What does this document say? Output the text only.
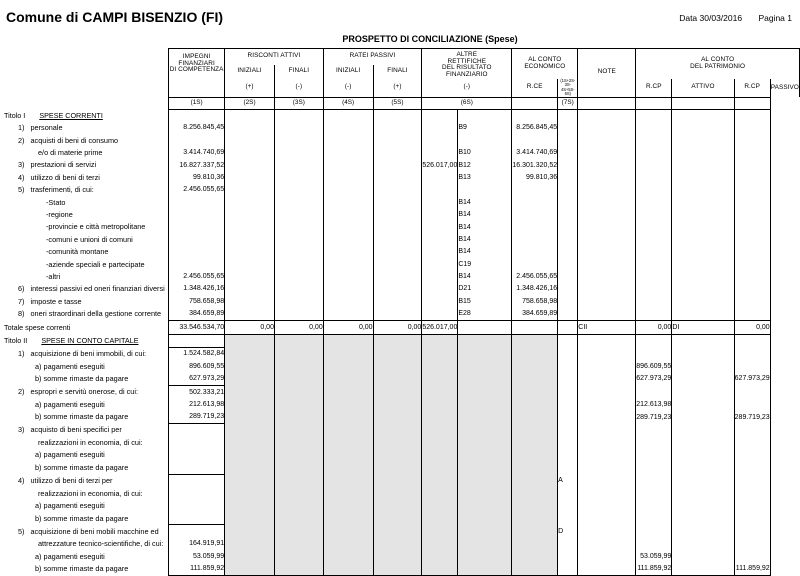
Comune di CAMPI BISENZIO (FI)	Data 30/03/2016 Pagina 1
PROSPETTO DI CONCILIAZIONE (Spese)

IMPEGNI
FINANZIARI
DI COMPETENZA
	RISCONTI ATTIVI	RATEI PASSIVI	ALTRE
RETTIFICHE
DEL RISULTATO
FINANZIARIO

AL CONTO
ECONOMICO
	NOTE	
AL CONTO
DEL PATRIMONIO

		INIZIALI	FINALI	INIZIALI	FINALI									
		(+)	(-)	(-)	(+)	(-)		R.CE	(1S+2S-3S-4S+5S-6S)		R.CP	ATTIVO	R.CP	PASSIVO
	(1S)	(2S)	(3S)	(4S)	(5S)	(6S)			(7S)					
Titolo I SPESE CORRENTI														
1) personale	8.256.845,45						B9	8.256.845,45						
2) acquisti di beni di consumo														
e/o di materie prime	3.414.740,69						B10	3.414.740,69						
3) prestazioni di servizi	16.827.337,52					526.017,00	B12	16.301.320,52						
4) utilizzo di beni di terzi	99.810,36						B13	99.810,36						
5) trasferimenti, di cui:	2.456.055,65													
-Stato							B14							
-regione							B14							
-provincie e città metropolitane							B14							
-comuni e unioni di comuni							B14							
-comunità montane							B14							
-aziende speciali e partecipate							C19							
-altri	2.456.055,65						B14	2.456.055,65						
6) interessi passivi ed oneri finanziari diversi	1.348.426,16						D21	1.348.426,16						
7) imposte e tasse	758.658,98						B15	758.658,98						
8) oneri straordinari della gestione corrente	384.659,89						E28	384.659,89						
Totale spese correnti	33.546.534,70	0,00	0,00	0,00	0,00	526.017,00				CII	0,00	DI	0,00	
Titolo II SPESE IN CONTO CAPITALE														
1) acquisizione di beni immobili, di cui:	1.524.582,84													
a) pagamenti eseguiti	896.609,55										896.609,55			
b) somme rimaste da pagare	627.973,29										627.973,29		627.973,29	
2) espropri e servitù onerose, di cui:	502.333,21													
a) pagamenti eseguiti	212.613,98										212.613,98			
b) somme rimaste da pagare	289.719,23										289.719,23		289.719,23	
3) acquisto di beni specifici per														
realizzazioni in economia, di cui:														
a) pagamenti eseguiti														
b) somme rimaste da pagare														
4) utilizzo di beni di terzi per									A					
realizzazioni in economia, di cui:														
a) pagamenti eseguiti														
b) somme rimaste da pagare														
5) acquisizione di beni mobili macchine ed									D					
attrezzature tecnico-scientifiche, di cui:	164.919,91													
a) pagamenti eseguiti	53.059,99										53.059,99			
b) somme rimaste da pagare	111.859,92										111.859,92		111.859,92	
